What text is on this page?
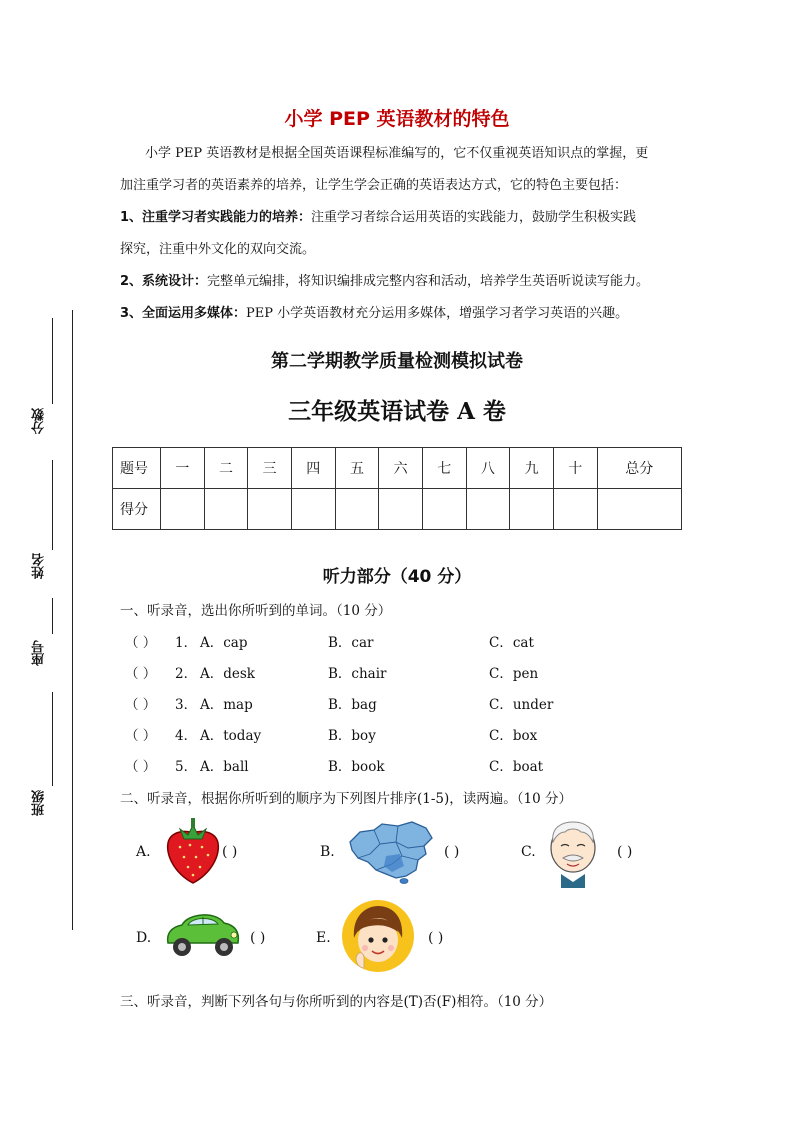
分数
姓名
座号
班级
小学 PEP 英语教材的特色
小学 PEP 英语教材是根据全国英语课程标准编写的，它不仅重视英语知识点的掌握，更
加注重学习者的英语素养的培养，让学生学会正确的英语表达方式，它的特色主要包括：
1、注重学习者实践能力的培养：注重学习者综合运用英语的实践能力，鼓励学生积极实践
探究，注重中外文化的双向交流。
2、系统设计：完整单元编排，将知识编排成完整内容和活动，培养学生英语听说读写能力。
3、全面运用多媒体：PEP 小学英语教材充分运用多媒体，增强学习者学习英语的兴趣。
第二学期教学质量检测模拟试卷
三年级英语试卷 A 卷
题号	一	二	三	四	五	六	七	八	九	十	总分
得分											
听力部分（40 分）
一、听录音，选出你所听到的单词。（10 分）
（ ） 1． A．cap	B．car	C．cat
（ ） 2． A．desk	B．chair	C．pen
（ ） 3． A．map	B．bag	C．under
（ ） 4． A．today	B．boy	C．box
（ ） 5． A．ball	B．book	C．boat
二、听录音，根据你所听到的顺序为下列图片排序(1-5)，读两遍。（10 分）
A.	( )	B.	( )	C.	( )
D.	( )	E.	( )
三、听录音，判断下列各句与你所听到的内容是(T)否(F)相符。（10 分）
